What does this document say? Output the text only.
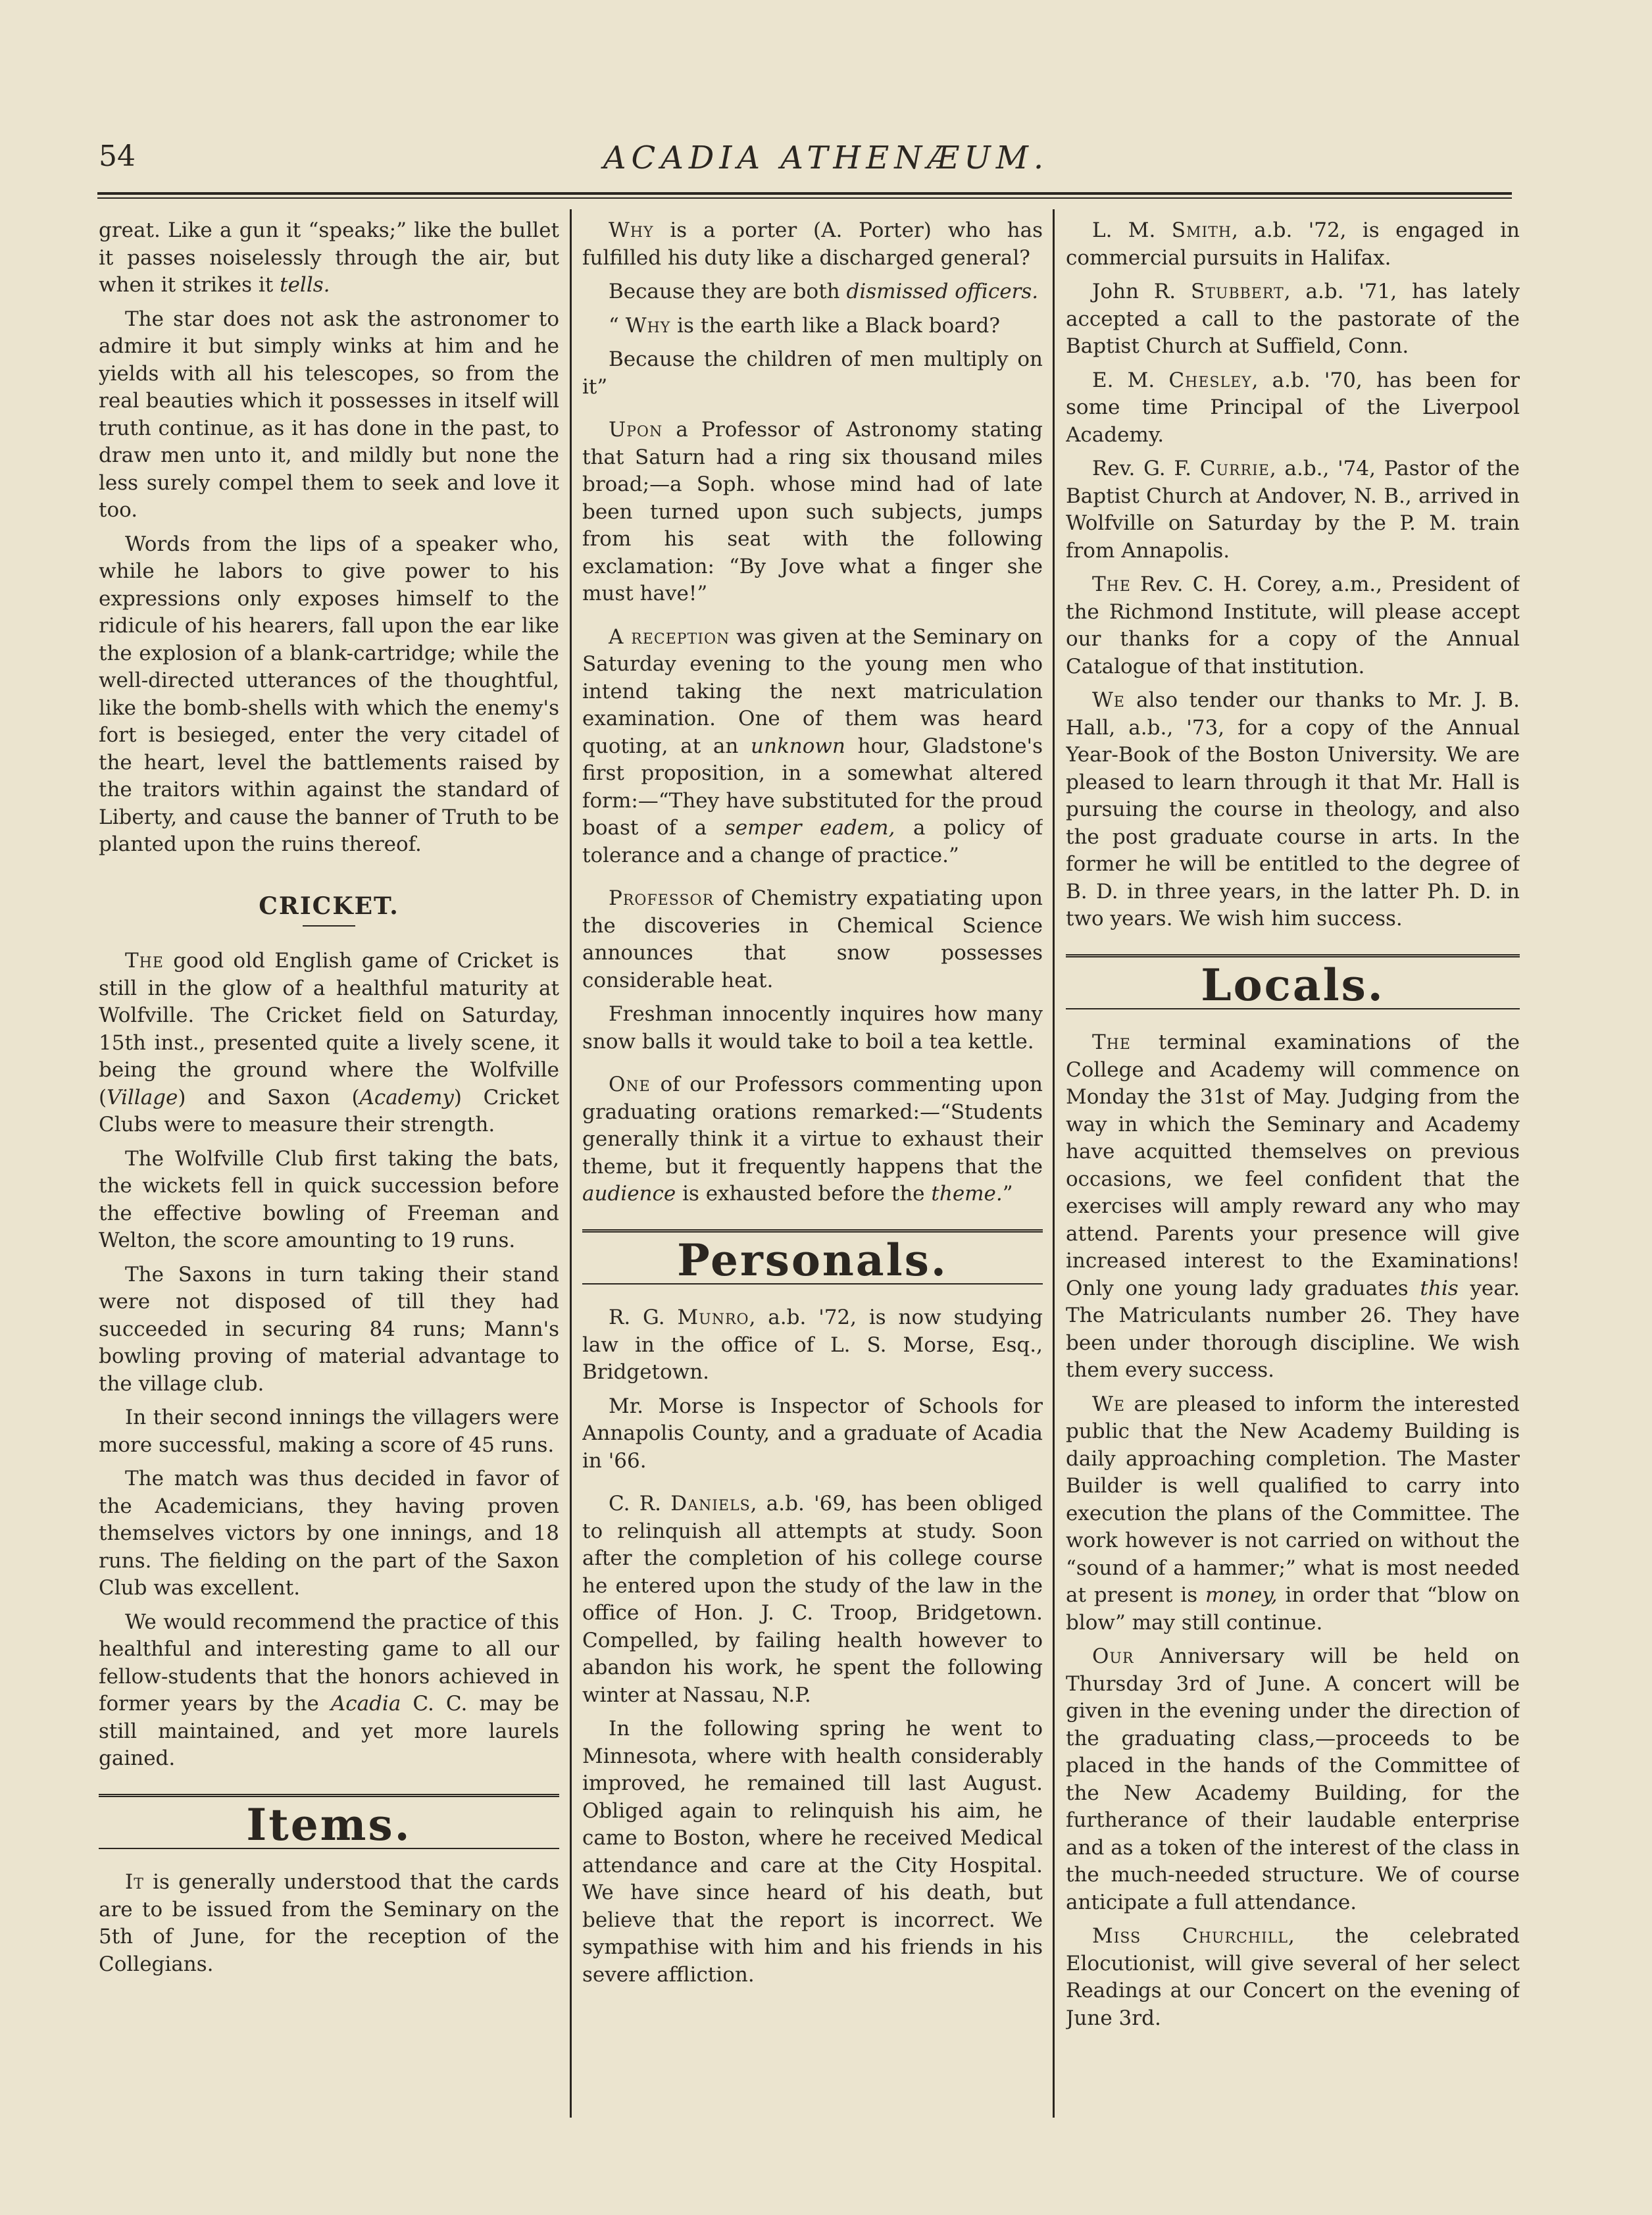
54	ACADIA ATHENÆUM.

great. Like a gun it “speaks;” like the bullet it passes noiselessly through the air, but when it strikes it tells.

The star does not ask the astronomer to admire it but simply winks at him and he yields with all his telescopes, so from the real beauties which it possesses in itself will truth continue, as it has done in the past, to draw men unto it, and mildly but none the less surely compel them to seek and love it too.

Words from the lips of a speaker who, while he labors to give power to his expressions only exposes himself to the ridicule of his hearers, fall upon the ear like the explosion of a blank-cartridge; while the well-directed utterances of the thoughtful, like the bomb-shells with which the enemy's fort is besieged, enter the very citadel of the heart, level the battlements raised by the traitors within against the standard of Liberty, and cause the banner of Truth to be planted upon the ruins thereof.

CRICKET.

The good old English game of Cricket is still in the glow of a healthful maturity at Wolfville. The Cricket field on Saturday, 15th inst., presented quite a lively scene, it being the ground where the Wolfville (Village) and Saxon (Academy) Cricket Clubs were to measure their strength.

The Wolfville Club first taking the bats, the wickets fell in quick succession before the effective bowling of Freeman and Welton, the score amounting to 19 runs.

The Saxons in turn taking their stand were not disposed of till they had succeeded in securing 84 runs; Mann's bowling proving of material advantage to the village club.

In their second innings the villagers were more successful, making a score of 45 runs.

The match was thus decided in favor of the Academicians, they having proven themselves victors by one innings, and 18 runs. The fielding on the part of the Saxon Club was excellent.

We would recommend the practice of this healthful and interesting game to all our fellow-students that the honors achieved in former years by the Acadia C. C. may be still maintained, and yet more laurels gained.

Items.

It is generally understood that the cards are to be issued from the Seminary on the 5th of June, for the reception of the Collegians.

Why is a porter (A. Porter) who has fulfilled his duty like a discharged general?

Because they are both dismissed officers.

“ Why is the earth like a Black board?

Because the children of men multiply on it”

Upon a Professor of Astronomy stating that Saturn had a ring six thousand miles broad;—a Soph. whose mind had of late been turned upon such subjects, jumps from his seat with the following exclamation: “By Jove what a finger she must have!”

A reception was given at the Seminary on Saturday evening to the young men who intend taking the next matriculation examination. One of them was heard quoting, at an unknown hour, Gladstone's first proposition, in a somewhat altered form:—“They have substituted for the proud boast of a semper eadem, a policy of tolerance and a change of practice.”

Professor of Chemistry expatiating upon the discoveries in Chemical Science announces that snow possesses considerable heat.

Freshman innocently inquires how many snow balls it would take to boil a tea kettle.

One of our Professors commenting upon graduating orations remarked:—“Students generally think it a virtue to exhaust their theme, but it frequently happens that the audience is exhausted before the theme.”

Personals.

R. G. Munro, a.b. '72, is now studying law in the office of L. S. Morse, Esq., Bridgetown.

Mr. Morse is Inspector of Schools for Annapolis County, and a graduate of Acadia in '66.

C. R. Daniels, a.b. '69, has been obliged to relinquish all attempts at study. Soon after the completion of his college course he entered upon the study of the law in the office of Hon. J. C. Troop, Bridgetown. Compelled, by failing health however to abandon his work, he spent the following winter at Nassau, N.P.

In the following spring he went to Minnesota, where with health considerably improved, he remained till last August. Obliged again to relinquish his aim, he came to Boston, where he received Medical attendance and care at the City Hospital. We have since heard of his death, but believe that the report is incorrect. We sympathise with him and his friends in his severe affliction.

L. M. Smith, a.b. '72, is engaged in commercial pursuits in Halifax.

John R. Stubbert, a.b. '71, has lately accepted a call to the pastorate of the Baptist Church at Suffield, Conn.

E. M. Chesley, a.b. '70, has been for some time Principal of the Liverpool Academy.

Rev. G. F. Currie, a.b., '74, Pastor of the Baptist Church at Andover, N. B., arrived in Wolfville on Saturday by the P. M. train from Annapolis.

The Rev. C. H. Corey, a.m., President of the Richmond Institute, will please accept our thanks for a copy of the Annual Catalogue of that institution.

We also tender our thanks to Mr. J. B. Hall, a.b., '73, for a copy of the Annual Year-Book of the Boston University. We are pleased to learn through it that Mr. Hall is pursuing the course in theology, and also the post graduate course in arts. In the former he will be entitled to the degree of B. D. in three years, in the latter Ph. D. in two years. We wish him success.

Locals.

The terminal examinations of the College and Academy will commence on Monday the 31st of May. Judging from the way in which the Seminary and Academy have acquitted themselves on previous occasions, we feel confident that the exercises will amply reward any who may attend. Parents your presence will give increased interest to the Examinations! Only one young lady graduates this year. The Matriculants number 26. They have been under thorough discipline. We wish them every success.

We are pleased to inform the interested public that the New Academy Building is daily approaching completion. The Master Builder is well qualified to carry into execution the plans of the Committee. The work however is not carried on without the “sound of a hammer;” what is most needed at present is money, in order that “blow on blow” may still continue.

Our Anniversary will be held on Thursday 3rd of June. A concert will be given in the evening under the direction of the graduating class,—proceeds to be placed in the hands of the Committee of the New Academy Building, for the furtherance of their laudable enterprise and as a token of the interest of the class in the much-needed structure. We of course anticipate a full attendance.

Miss Churchill, the celebrated Elocutionist, will give several of her select Readings at our Concert on the evening of June 3rd.
